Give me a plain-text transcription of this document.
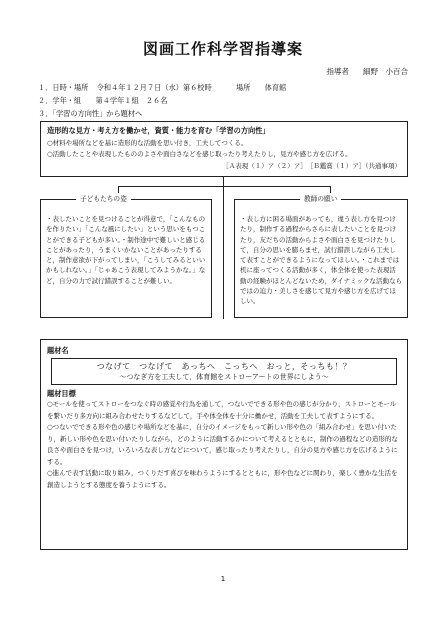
図画工作科学習指導案
指導者 細野　小百合
１．日時・場所 令和４年１２月７日（水）第６校時	場所 体育館
２．学年・組　　第４学年１組　２６名
３．「学習の方向性」から題材へ
造形的な見方・考え方を働かせ，資質・能力を育む「学習の方向性」
○材料や場所などを基に造形的な活動を思い付き，工夫してつくる。
○活動したことや表現したもののよさや面白さなどを感じ取ったり考えたりし，見方や感じ方を広げる。
［Ａ表現（１）ア（２）ア］　［Ｂ鑑賞（１）ア］（共通事項）
・表したいことを見つけることが得意で，「こんなものを作りたい」「こんな風にしたい」という思いをもつことができる子どもが多い。・制作途中で難しいと感じることがあったり，うまくいかないことがあったりすると，制作意欲が下がってしまい，「こうしてみるといいかもしれない。」「じゃあこう表現してみようかな。」など，自分の力で試行錯誤することが難しい。
子どもたちの姿
・表し方に困る場面があっても，違う表し方を見つけたり，制作する過程からさらに表したいことを見つけたり，友だちの活動からよさや面白さを見つけたりして，自分の思いを膨らませ，試行錯誤しながら工夫して表すことができるようになってほしい。・これまでは机に座ってつくる活動が多く，体全体を使った表現活動の経験がほとんどないため，ダイナミックな活動ならではの迫力・美しさを感じて見方や感じ方を広げてほしい。
教師の願い
題材名
つなげて　つなげて　あっちへ　こっちへ　おっと，そっちも！？
〜つなぎ方を工夫して，体育館をストローアートの世界にしよう〜
題材目標
○モールを使ってストローをつなぐ時の感覚や行為を通して，つないでできる形や色の感じが分かり，ストローとモールを繋いだり多方向に組み合わせたりするなどして，手や体全体を十分に働かせ，活動を工夫して表すようにする。
○つないでできる形や色の感じや場所などを基に，自分のイメージをもって新しい形や色の「組み合わせ」を思い付いたり，新しい形や色を思い付いたりしながら，どのように活動するかについて考えるとともに，制作の過程などの造形的な良さや面白さを見つけ，いろいろな表し方などについて，感じ取ったり考えたりし，自分の見方や感じ方を広げるようにする。
○進んで表す活動に取り組み，つくりだす喜びを味わうようにするとともに，形や色などに関わり，楽しく豊かな生活を創造しようとする態度を養うようにする。
1
